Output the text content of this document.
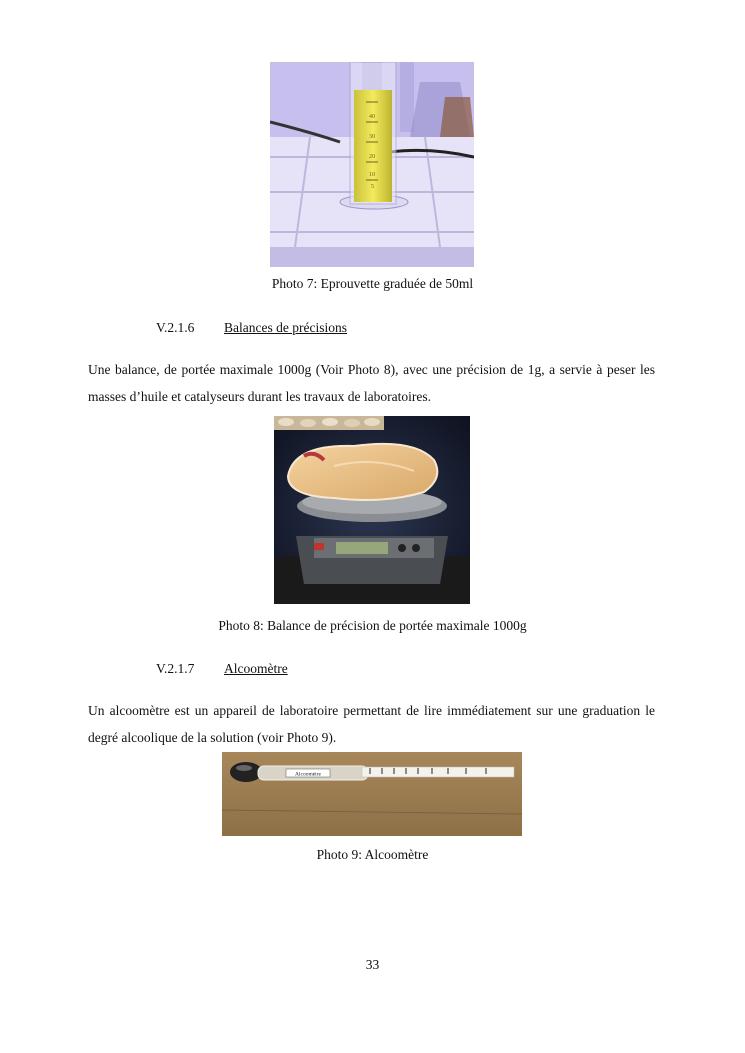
40
30
20
10
5
Photo 7: Eprouvette graduée de 50ml
V.2.1.6 Balances de précisions
Une balance, de portée maximale 1000g (Voir Photo 8), avec une précision de 1g, a servie à peser les masses d’huile et catalyseurs durant les travaux de laboratoires.
Photo 8: Balance de précision de portée maximale 1000g
V.2.1.7 Alcoomètre
Un alcoomètre est un appareil de laboratoire permettant de lire immédiatement sur une graduation le degré alcoolique de la solution (voir Photo 9).
Alcoomètre
Photo 9: Alcoomètre
33
